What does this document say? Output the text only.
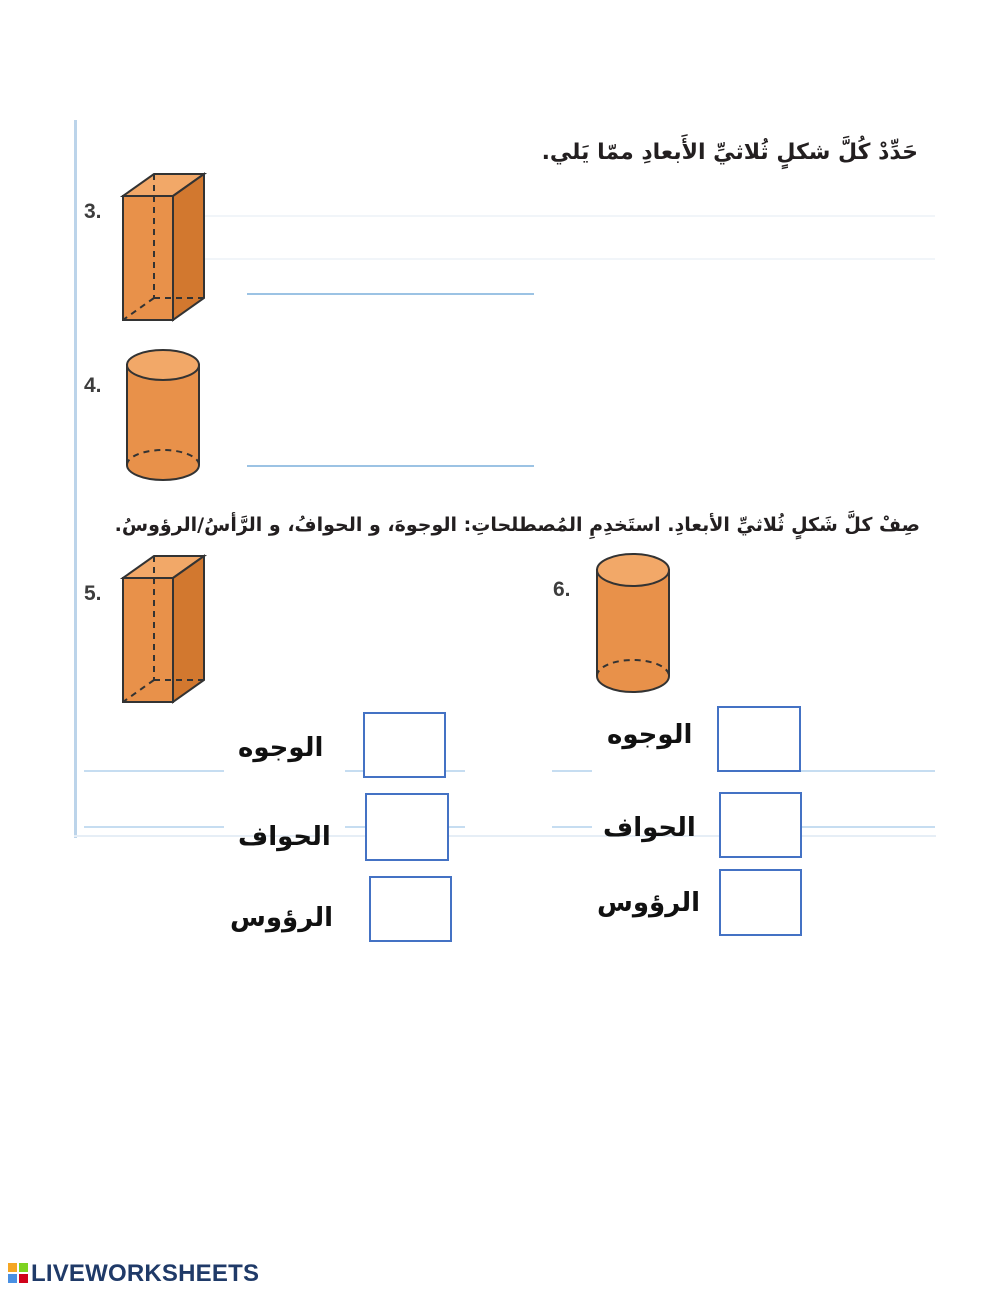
حَدِّدْ كُلَّ شكلٍ ثُلاثيِّ الأَبعادِ ممّا يَلي.
3.
4.
صِفْ كلَّ شَكلٍ ثُلاثيِّ الأبعادِ. استَخدِمِ المُصطلحاتِ: الوجوهَ، و الحوافُ، و الرَّأسُ/الرؤوسُ.
5.	6.
الوجوه
الحواف
الرؤوس
الوجوه
الحواف
الرؤوس
LIVEWORKSHEETS
